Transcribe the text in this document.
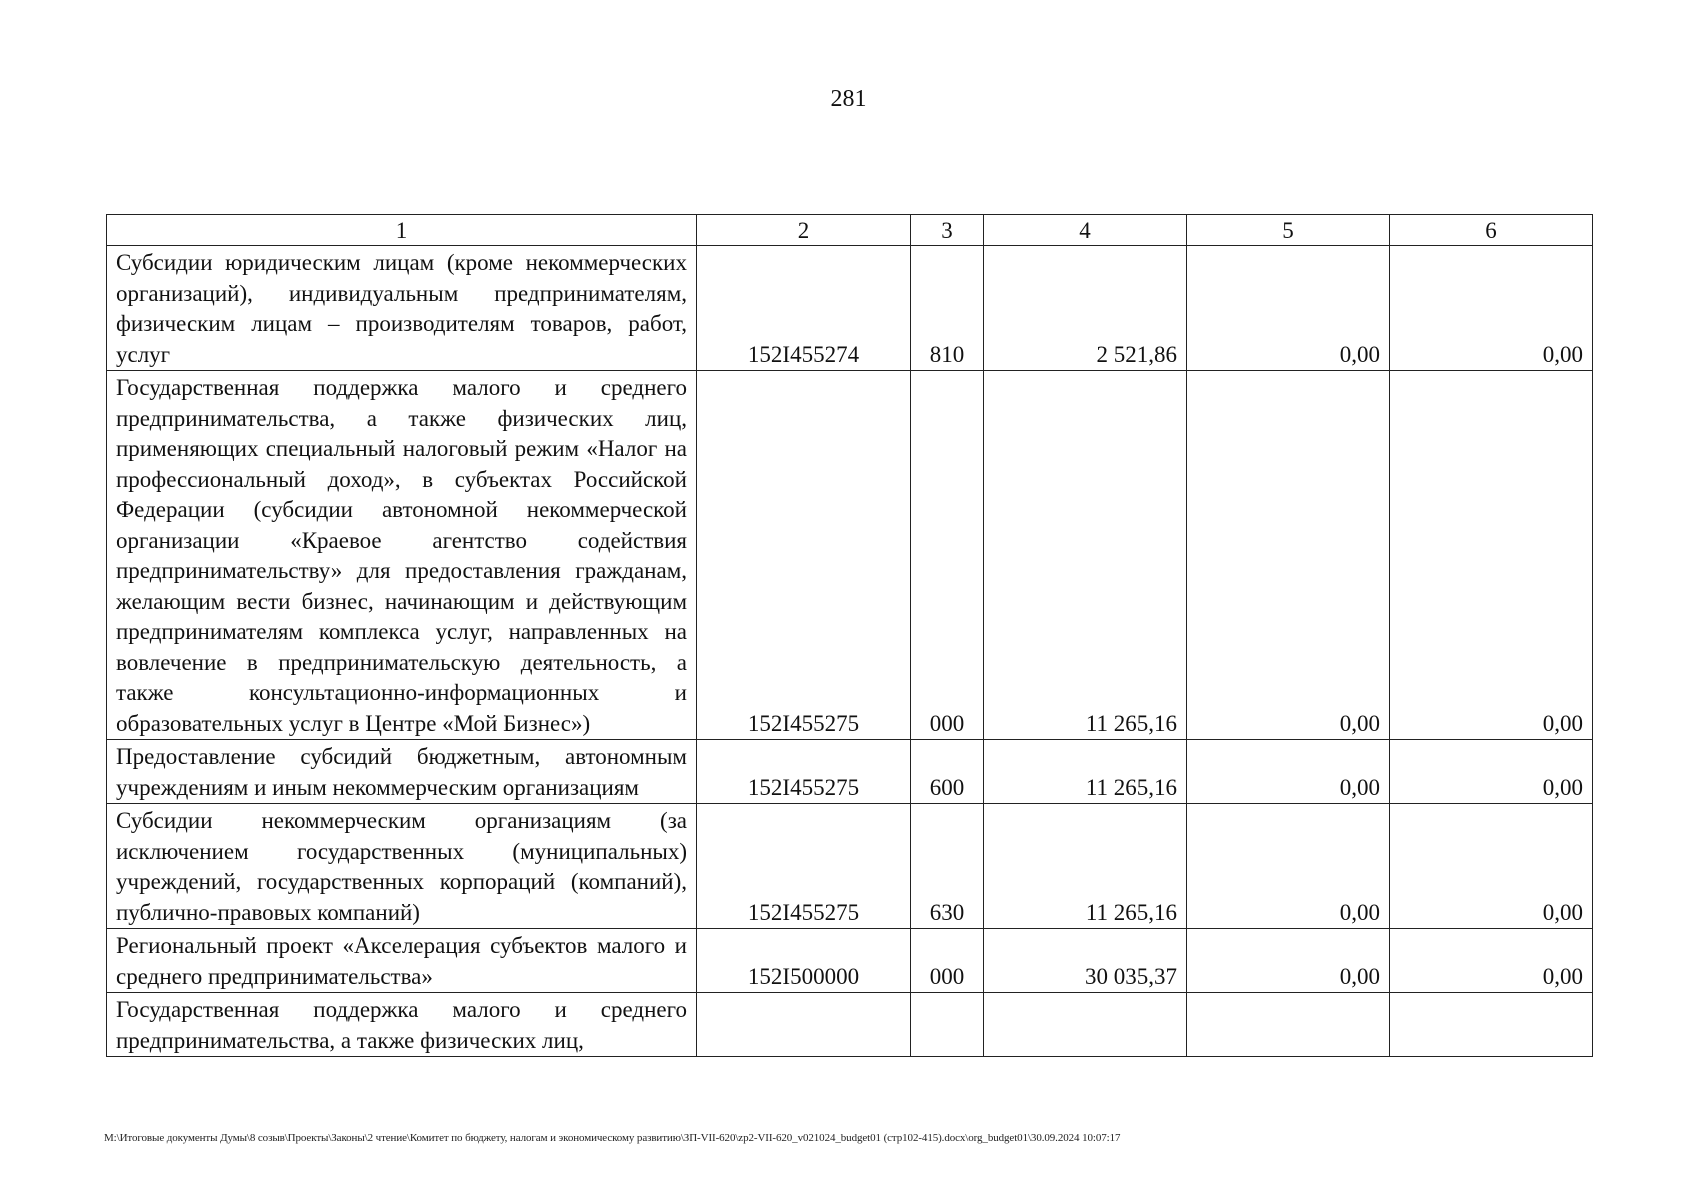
281
1	2	3	4	5	6
Субсидии юридическим лицам (кроме некоммерческих организаций), индивидуальным предпринимателям, физическим лицам – производителям товаров, работ, услуг	152I455274	810	2 521,86	0,00	0,00
Государственная поддержка малого и среднего предпринимательства, а также физических лиц, применяющих специальный налоговый режим «Налог на профессиональный доход», в субъектах Российской Федерации (субсидии автономной некоммерческой организации «Краевое агентство содействия предпринимательству» для предоставления гражданам, желающим вести бизнес, начинающим и действующим предпринимателям комплекса услуг, направленных на вовлечение в предпринимательскую деятельность, а также консультационно-информационных и образовательных услуг в Центре «Мой Бизнес»)	152I455275	000	11 265,16	0,00	0,00
Предоставление субсидий бюджетным, автономным учреждениям и иным некоммерческим организациям	152I455275	600	11 265,16	0,00	0,00
Субсидии некоммерческим организациям (за исключением государственных (муниципальных) учреждений, государственных корпораций (компаний), публично-правовых компаний)	152I455275	630	11 265,16	0,00	0,00
Региональный проект «Акселерация субъектов малого и среднего предпринимательства»	152I500000	000	30 035,37	0,00	0,00
Государственная поддержка малого и среднего предпринимательства, а также физических лиц,					
M:\Итоговые документы Думы\8 созыв\Проекты\Законы\2 чтение\Комитет по бюджету, налогам и экономическому развитию\ЗП-VII-620\zp2-VII-620_v021024_budget01 (стр102-415).docx\org_budget01\30.09.2024 10:07:17
